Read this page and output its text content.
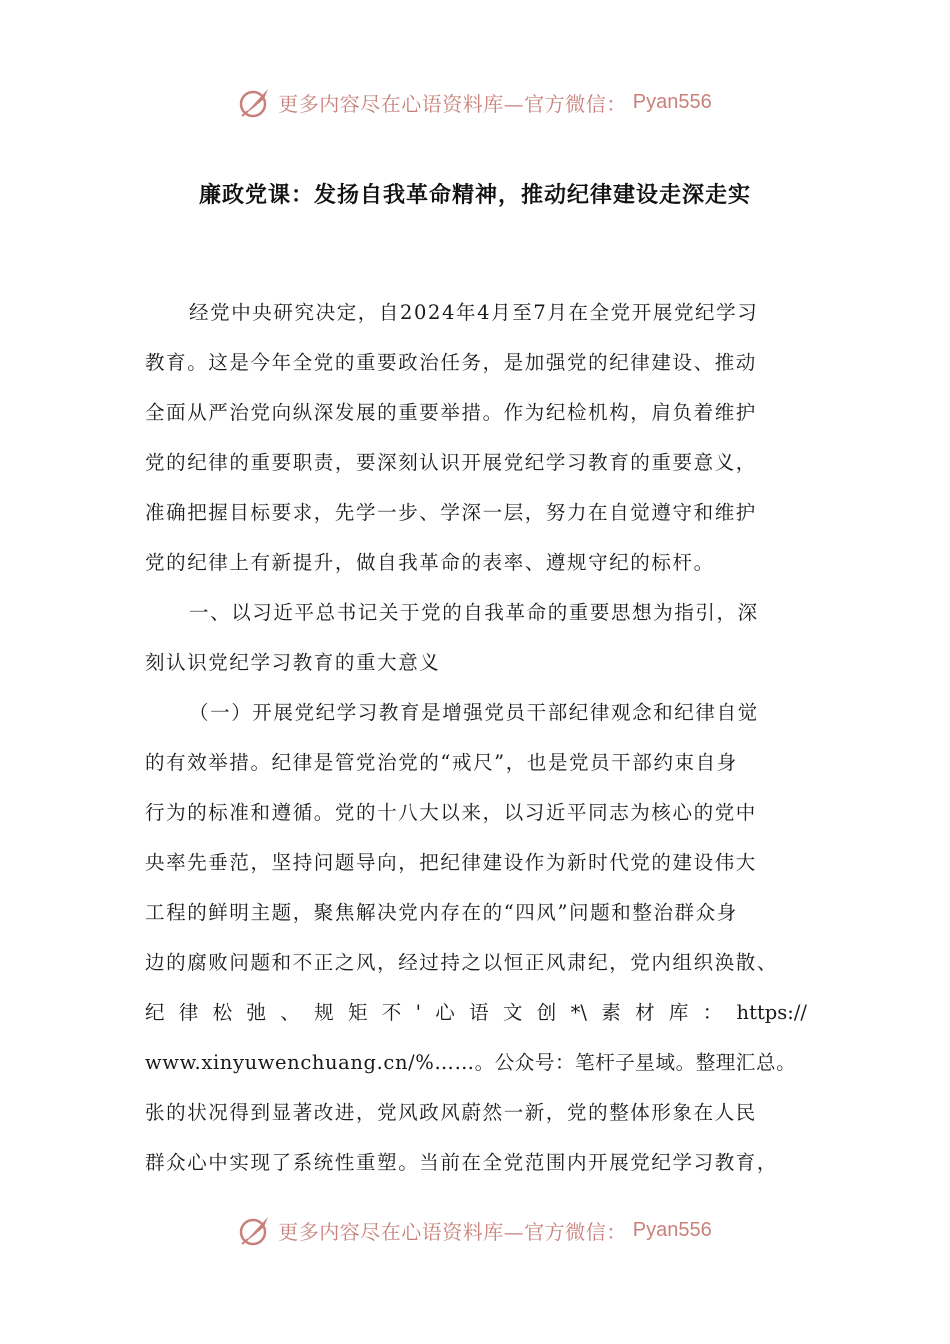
更多内容尽在心语资料库—官方微信： Pyan556
廉政党课：发扬自我革命精神，推动纪律建设走深走实
经党中央研究决定，自2024年4月至7月在全党开展党纪学习
教育。这是今年全党的重要政治任务，是加强党的纪律建设、推动
全面从严治党向纵深发展的重要举措。作为纪检机构，肩负着维护
党的纪律的重要职责，要深刻认识开展党纪学习教育的重要意义，
准确把握目标要求，先学一步、学深一层，努力在自觉遵守和维护
党的纪律上有新提升，做自我革命的表率、遵规守纪的标杆。
一、以习近平总书记关于党的自我革命的重要思想为指引，深
刻认识党纪学习教育的重大意义
（一）开展党纪学习教育是增强党员干部纪律观念和纪律自觉
的有效举措。纪律是管党治党的“戒尺”，也是党员干部约束自身
行为的标准和遵循。党的十八大以来，以习近平同志为核心的党中
央率先垂范，坚持问题导向，把纪律建设作为新时代党的建设伟大
工程的鲜明主题，聚焦解决党内存在的“四风”问题和整治群众身
边的腐败问题和不正之风，经过持之以恒正风肃纪，党内组织涣散、
纪律松弛、规矩不'心语文创*\素材库：https://
www.xinyuwenchuang.cn/%……。公众号：笔杆子星域。整理汇总。
张的状况得到显著改进，党风政风蔚然一新，党的整体形象在人民
群众心中实现了系统性重塑。当前在全党范围内开展党纪学习教育，
更多内容尽在心语资料库—官方微信： Pyan556
